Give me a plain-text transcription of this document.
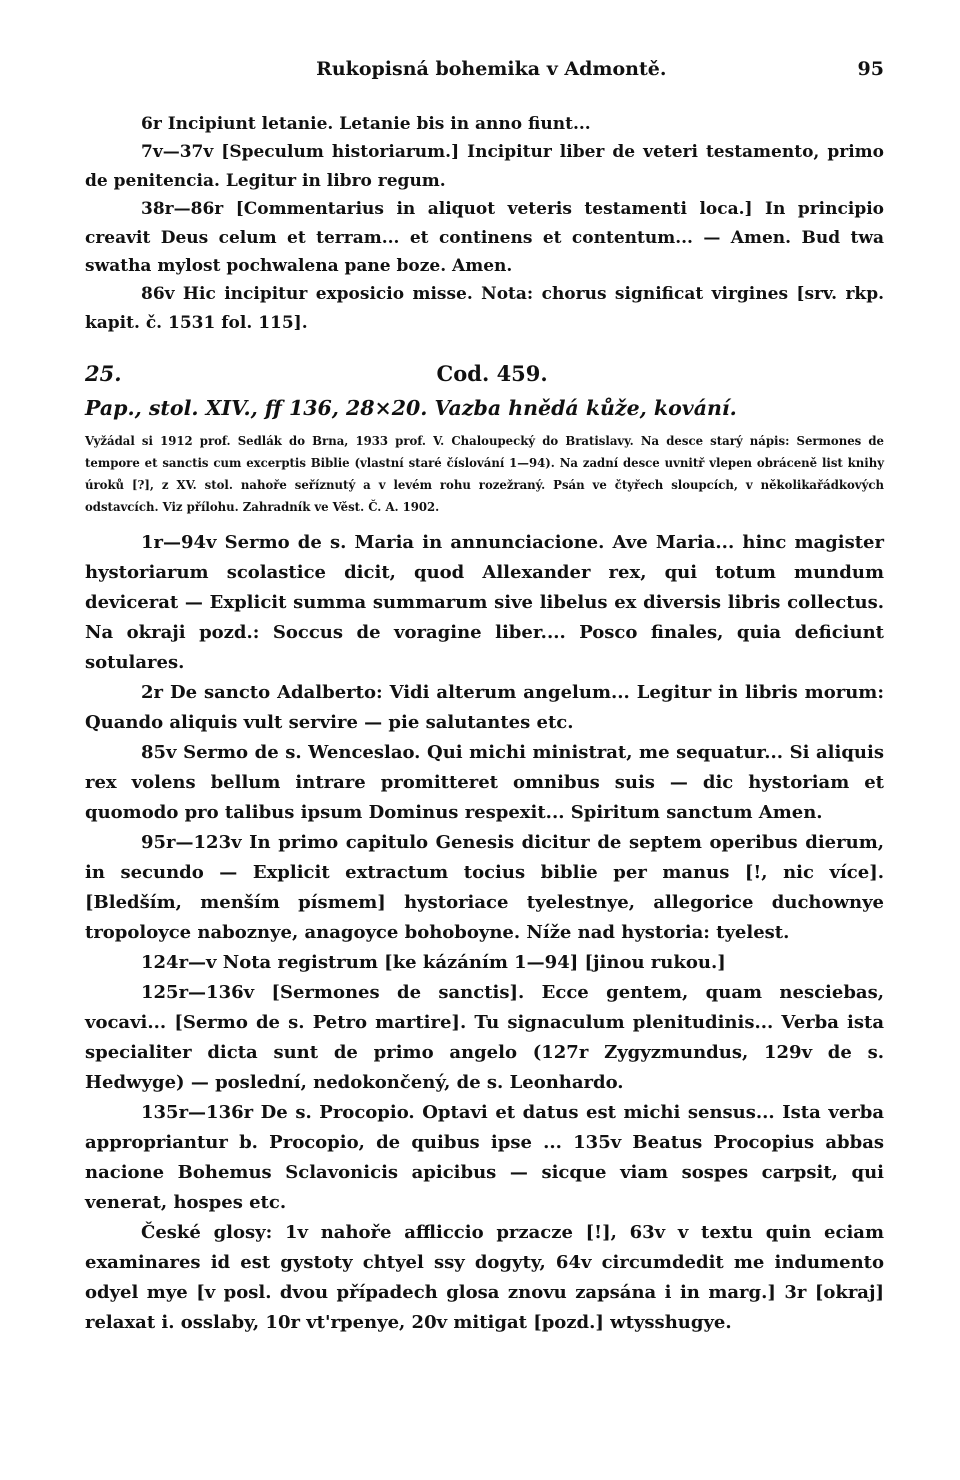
Rukopisná bohemika v Admontě.	95

6r Incipiunt letanie. Letanie bis in anno fiunt...

7v—37v [Speculum historiarum.] Incipitur liber de veteri testamento, primo de penitencia. Legitur in libro regum.

38r—86r [Commentarius in aliquot veteris testamenti loca.] In principio creavit Deus celum et terram... et continens et contentum... — Amen. Bud twa swatha mylost pochwalena pane boze. Amen.

86v Hic incipitur exposicio misse. Nota: chorus significat virgines [srv. rkp. kapit. č. 1531 fol. 115].

25.	Cod. 459.
Pap., stol. XIV., ff 136, 28×20. Vazba hnědá kůže, kování.

Vyžádal si 1912 prof. Sedlák do Brna, 1933 prof. V. Chaloupecký do Bratislavy. Na desce starý nápis: Sermones de tempore et sanctis cum excerptis Biblie (vlastní staré číslování 1—94). Na zadní desce uvnitř vlepen obráceně list knihy úroků [?], z XV. stol. nahoře seříznutý a v levém rohu rozežraný. Psán ve čtyřech sloupcích, v několikařádkových odstavcích. Viz přílohu. Zahradník ve Věst. Č. A. 1902.

1r—94v Sermo de s. Maria in annunciacione. Ave Maria... hinc magister hystoriarum scolastice dicit, quod Allexander rex, qui totum mundum devicerat — Explicit summa summarum sive libelus ex diversis libris collectus. Na okraji pozd.: Soccus de voragine liber.... Posco finales, quia deficiunt sotulares.

2r De sancto Adalberto: Vidi alterum angelum... Legitur in libris morum: Quando aliquis vult servire — pie salutantes etc.

85v Sermo de s. Wenceslao. Qui michi ministrat, me sequatur... Si aliquis rex volens bellum intrare promitteret omnibus suis — dic hystoriam et quomodo pro talibus ipsum Dominus respexit... Spiritum sanctum Amen.

95r—123v In primo capitulo Genesis dicitur de septem operibus dierum, in secundo — Explicit extractum tocius biblie per manus [!, nic více]. [Bledším, menším písmem] hystoriace tyelestnye, allegorice duchownye tropoloyce naboznye, anagoyce bohoboyne. Níže nad hystoria: tyelest.

124r—v Nota registrum [ke kázáním 1—94] [jinou rukou.]

125r—136v [Sermones de sanctis]. Ecce gentem, quam nesciebas, vocavi... [Sermo de s. Petro martire]. Tu signaculum plenitudinis... Verba ista specialiter dicta sunt de primo angelo (127r Zygyzmundus, 129v de s. Hedwyge) — poslední, nedokončený, de s. Leonhardo.

135r—136r De s. Procopio. Optavi et datus est michi sensus... Ista verba appropriantur b. Procopio, de quibus ipse ... 135v Beatus Procopius abbas nacione Bohemus Sclavonicis apicibus — sicque viam sospes carpsit, qui venerat, hospes etc.

České glosy: 1v nahoře affliccio przacze [!], 63v v textu quin eciam examinares id est gystoty chtyel ssy dogyty, 64v circumdedit me indumento odyel mye [v posl. dvou případech glosa znovu zapsána i in marg.] 3r [okraj] relaxat i. osslaby, 10r vt'rpenye, 20v mitigat [pozd.] wtysshugye.
